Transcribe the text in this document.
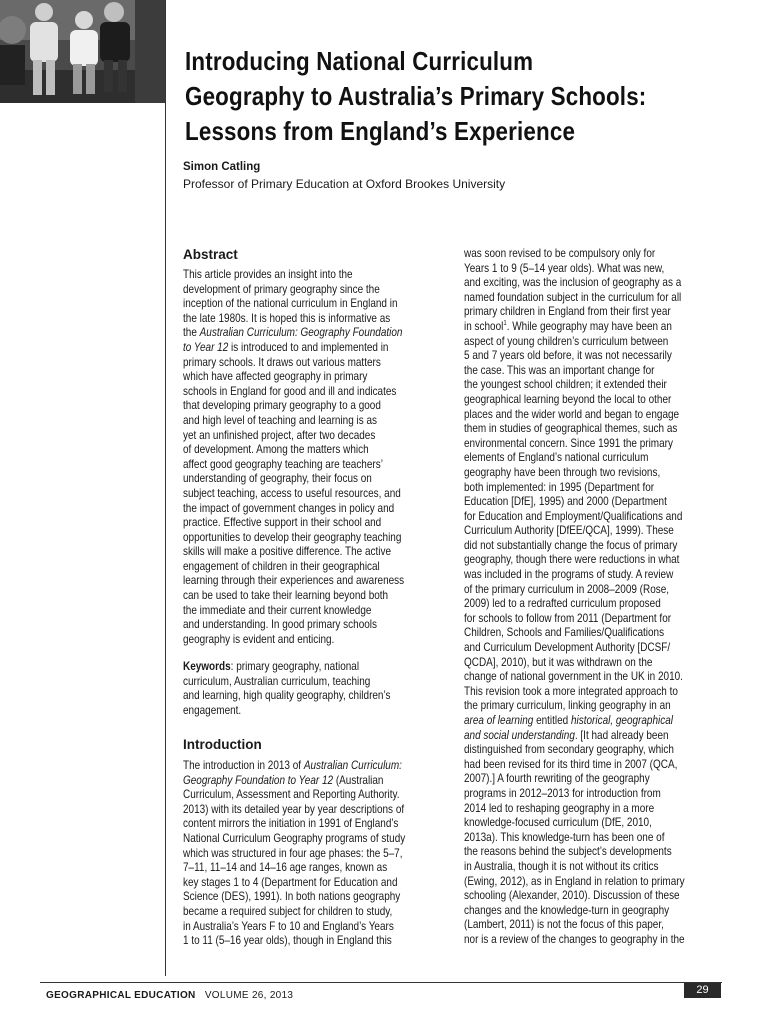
Introducing National Curriculum
Geography to Australia’s Primary Schools:
Lessons from England’s Experience

Simon Catling

Professor of Primary Education at Oxford Brookes University

Abstract
This article provides an insight into the
development of primary geography since the
inception of the national curriculum in England in
the late 1980s. It is hoped this is informative as
the Australian Curriculum: Geography Foundation
to Year 12 is introduced to and implemented in
primary schools. It draws out various matters
which have affected geography in primary
schools in England for good and ill and indicates
that developing primary geography to a good
and high level of teaching and learning is as
yet an unfinished project, after two decades
of development. Among the matters which
affect good geography teaching are teachers’
understanding of geography, their focus on
subject teaching, access to useful resources, and
the impact of government changes in policy and
practice. Effective support in their school and
opportunities to develop their geography teaching
skills will make a positive difference. The active
engagement of children in their geographical
learning through their experiences and awareness
can be used to take their learning beyond both
the immediate and their current knowledge
and understanding. In good primary schools
geography is evident and enticing.
Keywords: primary geography, national
curriculum, Australian curriculum, teaching
and learning, high quality geography, children’s
engagement.
Introduction
The introduction in 2013 of Australian Curriculum:
Geography Foundation to Year 12 (Australian
Curriculum, Assessment and Reporting Authority.
2013) with its detailed year by year descriptions of
content mirrors the initiation in 1991 of England’s
National Curriculum Geography programs of study
which was structured in four age phases: the 5–7,
7–11, 11–14 and 14–16 age ranges, known as
key stages 1 to 4 (Department for Education and
Science (DES), 1991). In both nations geography
became a required subject for children to study,
in Australia’s Years F to 10 and England’s Years
1 to 11 (5–16 year olds), though in England this
was soon revised to be compulsory only for
Years 1 to 9 (5–14 year olds). What was new,
and exciting, was the inclusion of geography as a
named foundation subject in the curriculum for all
primary children in England from their first year
in school$^1$. While geography may have been an
aspect of young children’s curriculum between
5 and 7 years old before, it was not necessarily
the case. This was an important change for
the youngest school children; it extended their
geographical learning beyond the local to other
places and the wider world and began to engage
them in studies of geographical themes, such as
environmental concern. Since 1991 the primary
elements of England’s national curriculum
geography have been through two revisions,
both implemented: in 1995 (Department for
Education [DfE], 1995) and 2000 (Department
for Education and Employment/Qualifications and
Curriculum Authority [DfEE/QCA], 1999). These
did not substantially change the focus of primary
geography, though there were reductions in what
was included in the programs of study. A review
of the primary curriculum in 2008–2009 (Rose,
2009) led to a redrafted curriculum proposed
for schools to follow from 2011 (Department for
Children, Schools and Families/Qualifications
and Curriculum Development Authority [DCSF/
QCDA], 2010), but it was withdrawn on the
change of national government in the UK in 2010.
This revision took a more integrated approach to
the primary curriculum, linking geography in an
area of learning entitled historical, geographical
and social understanding. [It had already been
distinguished from secondary geography, which
had been revised for its third time in 2007 (QCA,
2007).] A fourth rewriting of the geography
programs in 2012–2013 for introduction from
2014 led to reshaping geography in a more
knowledge-focused curriculum (DfE, 2010,
2013a). This knowledge-turn has been one of
the reasons behind the subject’s developments
in Australia, though it is not without its critics
(Ewing, 2012), as in England in relation to primary
schooling (Alexander, 2010). Discussion of these
changes and the knowledge-turn in geography
(Lambert, 2011) is not the focus of this paper,
nor is a review of the changes to geography in the
GEOGRAPHICAL EDUCATION VOLUME 26, 2013	29
